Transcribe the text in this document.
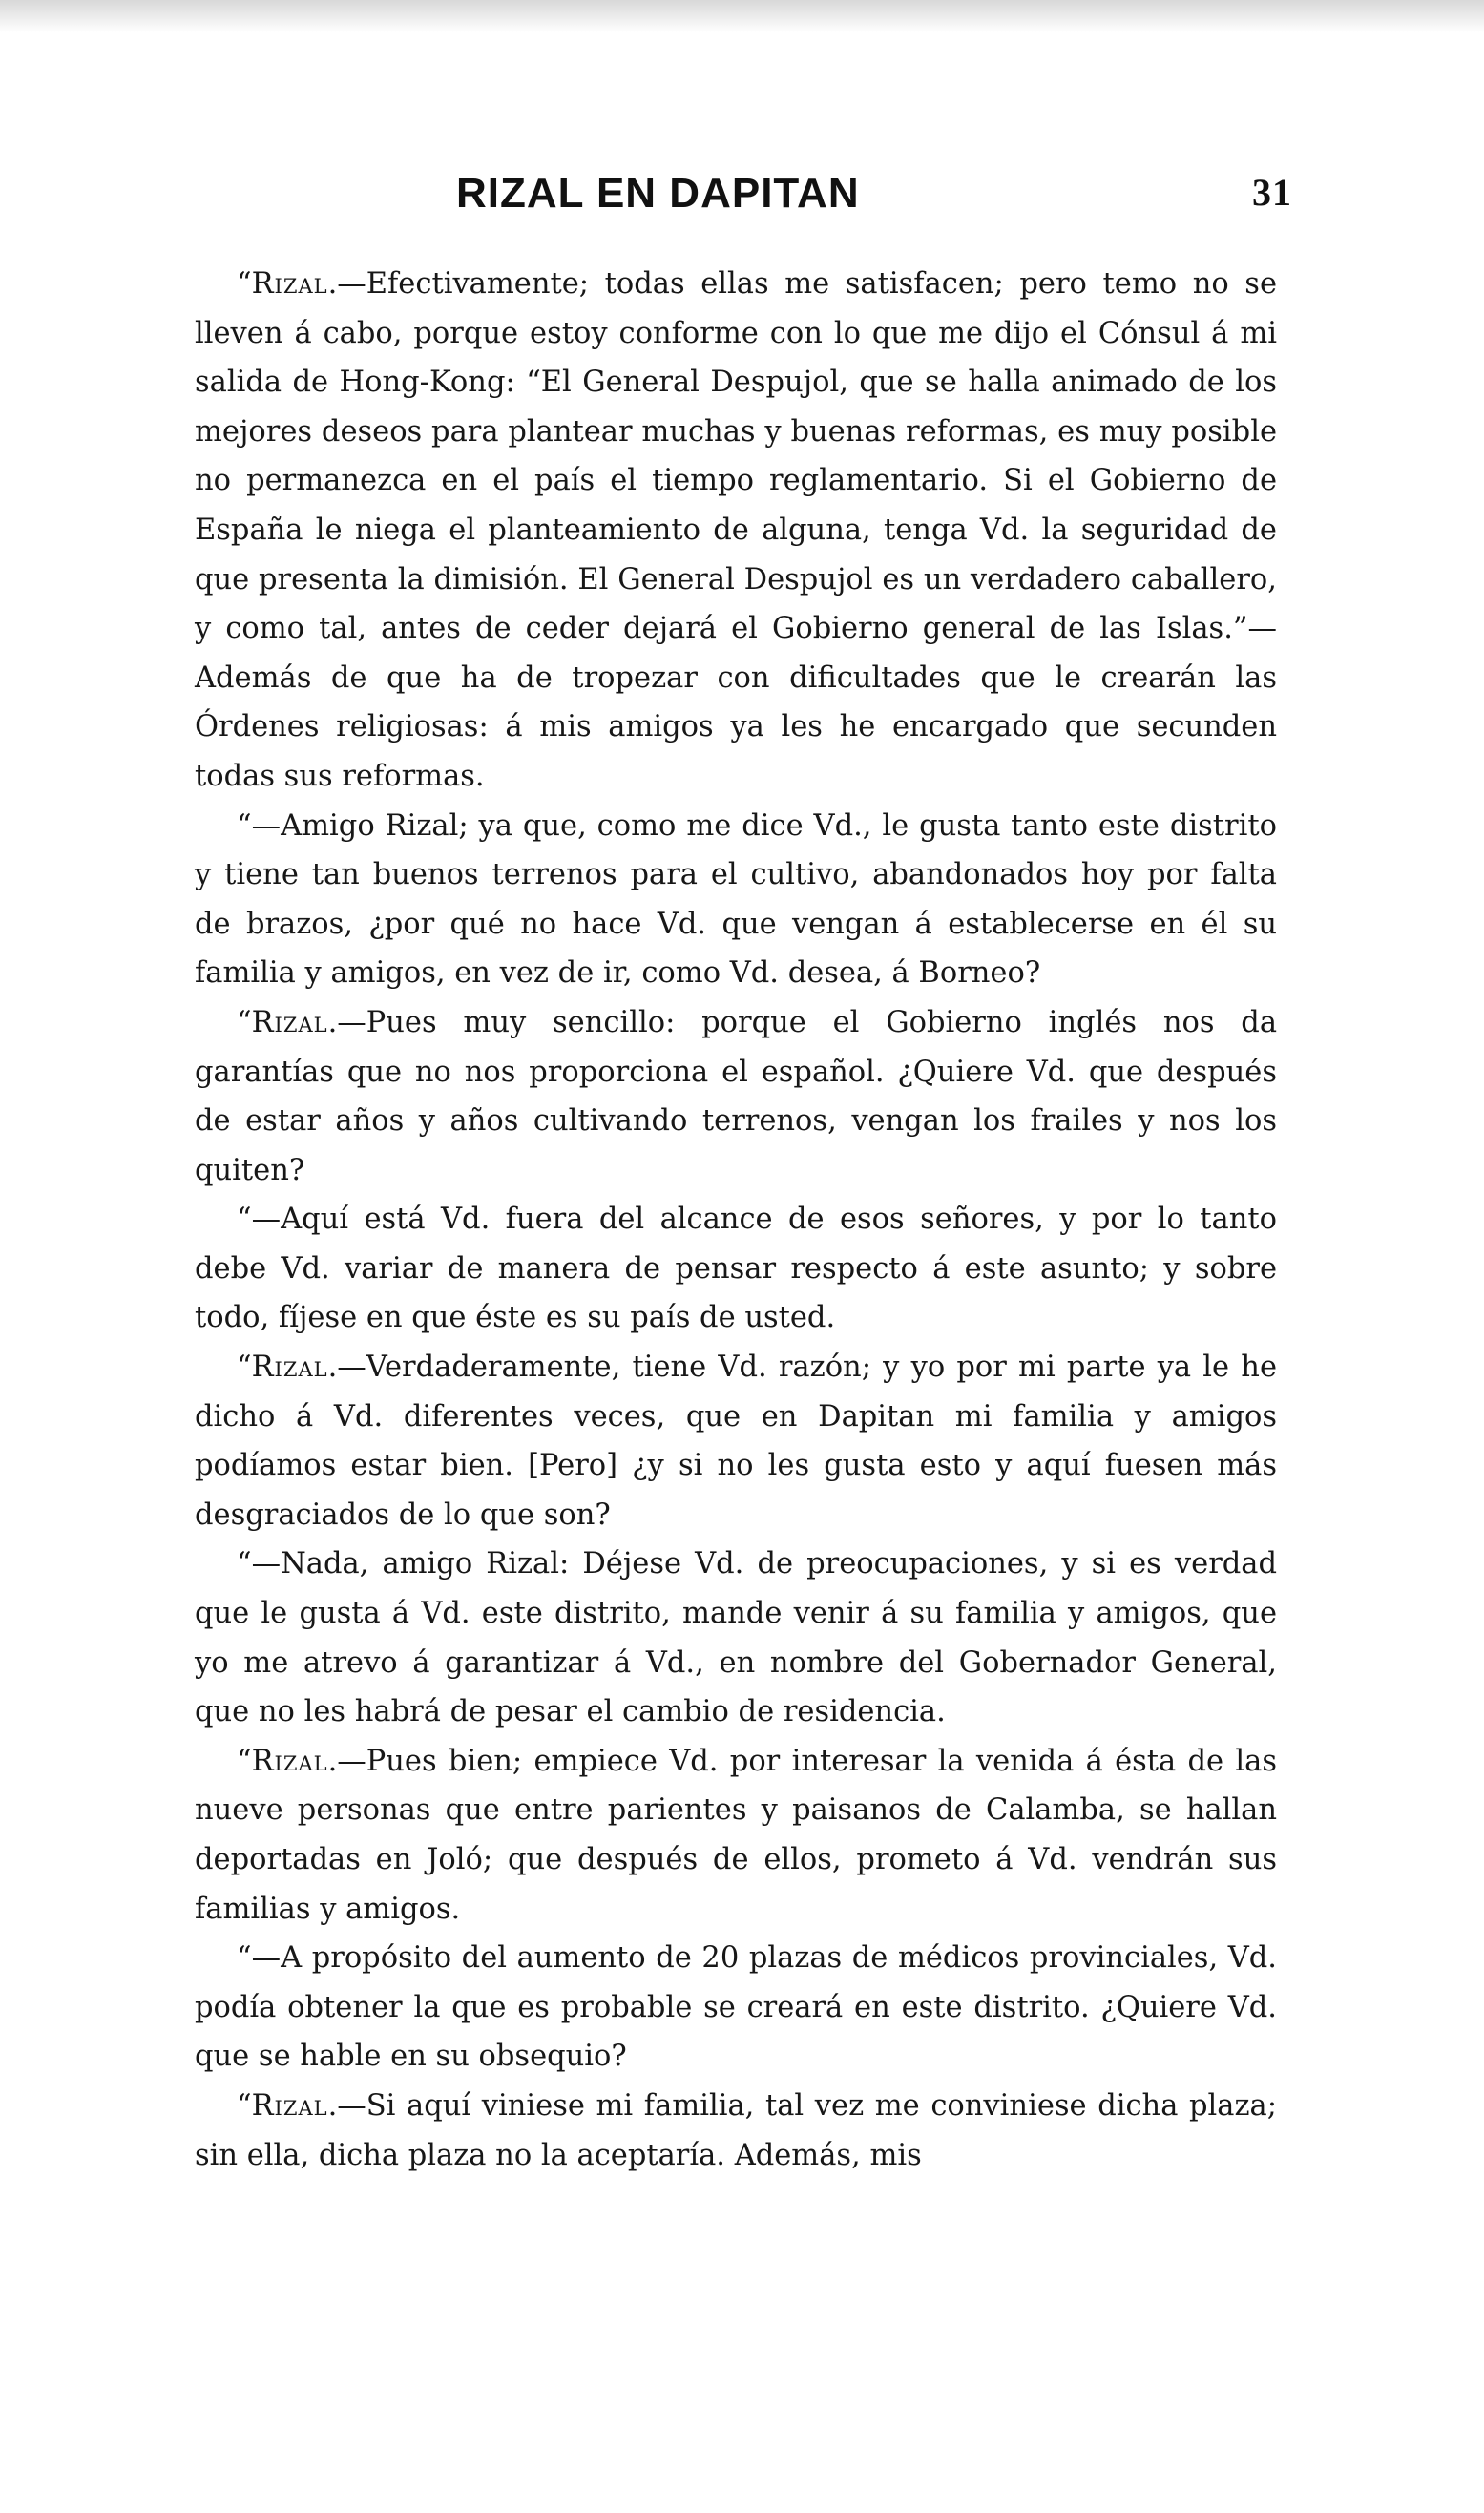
RIZAL EN DAPITAN	31

“Rizal.—Efectivamente; todas ellas me satisfacen; pero temo no se lleven á cabo, porque estoy conforme con lo que me dijo el Cónsul á mi salida de Hong-Kong: “El General Despujol, que se halla animado de los mejores deseos para plantear muchas y buenas reformas, es muy posible no permanezca en el país el tiempo reglamentario. Si el Gobierno de España le niega el planteamiento de alguna, tenga Vd. la seguridad de que presenta la dimisión. El General Despujol es un verdadero caballero, y como tal, antes de ceder dejará el Gobierno general de las Islas.”—Además de que ha de tropezar con dificultades que le crearán las Órdenes religiosas: á mis amigos ya les he encargado que secunden todas sus reformas.

“—Amigo Rizal; ya que, como me dice Vd., le gusta tanto este distrito y tiene tan buenos terrenos para el cultivo, abandonados hoy por falta de brazos, ¿por qué no hace Vd. que vengan á establecerse en él su familia y amigos, en vez de ir, como Vd. desea, á Borneo?

“Rizal.—Pues muy sencillo: porque el Gobierno inglés nos da garantías que no nos proporciona el español. ¿Quiere Vd. que después de estar años y años cultivando terrenos, vengan los frailes y nos los quiten?

“—Aquí está Vd. fuera del alcance de esos señores, y por lo tanto debe Vd. variar de manera de pensar respecto á este asunto; y sobre todo, fíjese en que éste es su país de usted.

“Rizal.—Verdaderamente, tiene Vd. razón; y yo por mi parte ya le he dicho á Vd. diferentes veces, que en Dapitan mi familia y amigos podíamos estar bien. [Pero] ¿y si no les gusta esto y aquí fuesen más desgraciados de lo que son?

“—Nada, amigo Rizal: Déjese Vd. de preocupaciones, y si es verdad que le gusta á Vd. este distrito, mande venir á su familia y amigos, que yo me atrevo á garantizar á Vd., en nombre del Gobernador General, que no les habrá de pesar el cambio de residencia.

“Rizal.—Pues bien; empiece Vd. por interesar la venida á ésta de las nueve personas que entre parientes y paisanos de Calamba, se hallan deportadas en Joló; que después de ellos, prometo á Vd. vendrán sus familias y amigos.

“—A propósito del aumento de 20 plazas de médicos provinciales, Vd. podía obtener la que es probable se creará en este distrito. ¿Quiere Vd. que se hable en su obsequio?

“Rizal.—Si aquí viniese mi familia, tal vez me conviniese dicha plaza; sin ella, dicha plaza no la aceptaría. Además, mis
